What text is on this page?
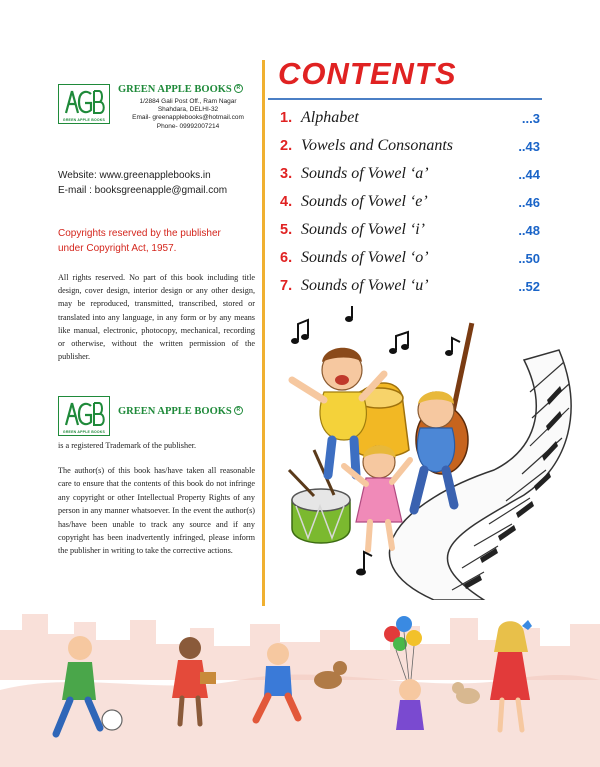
GREEN APPLE BOOKS
GREEN APPLE BOOKS R
1/2884 Gali Post Off., Ram Nagar
Shahdara, DELHI-32
Email- greenapplebooks@hotmail.com
Phone- 09992007214
Website: www.greenapplebooks.in
E-mail : booksgreenapple@gmail.com
Copyrights reserved by the publisher
under Copyright Act, 1957.
All rights reserved. No part of this book including title design, cover design, interior design or any other design, may be reproduced, transmitted, transcribed, stored or translated into any language, in any form or by any means like manual, electronic, photocopy, mechanical, recording or otherwise, without the written permission of the publisher.
GREEN APPLE BOOKS
GREEN APPLE BOOKS R
is a registered Trademark of the publisher.
The author(s) of this book has/have taken all reasonable care to ensure that the contents of this book do not infringe any copyright or other Intellectual Property Rights of any person in any manner whatsoever. In the event the author(s) has/have been unable to track any source and if any copyright has been inadvertently infringed, please inform the publisher in writing to take the corrective actions.
CONTENTS
1. Alphabet	...3
2. Vowels and Consonants	..43
3. Sounds of Vowel ‘a’	..44
4. Sounds of Vowel ‘e’	..46
5. Sounds of Vowel ‘i’	..48
6. Sounds of Vowel ‘o’	..50
7. Sounds of Vowel ‘u’	..52
